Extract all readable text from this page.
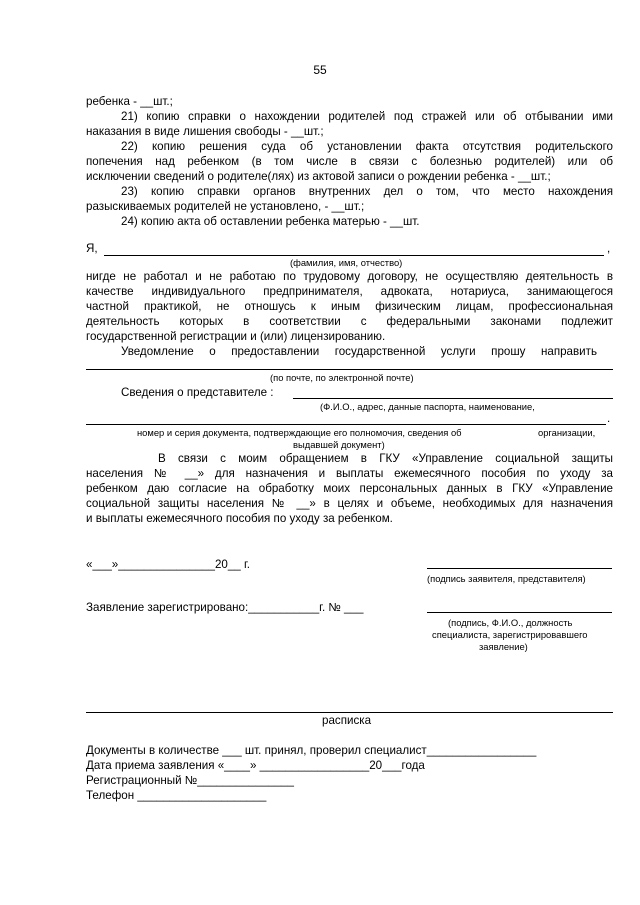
55
ребенка - __шт.;
21) копию справки о нахождении родителей под стражей или об отбывании ими
наказания в виде лишения свободы - __шт.;
22) копию решения суда об установлении факта отсутствия родительского
попечения над ребенком (в том числе в связи с болезнью родителей) или об
исключении сведений о родителе(лях) из актовой записи о рождении ребенка - __шт.;
23) копию справки органов внутренних дел о том, что место нахождения
разыскиваемых родителей не установлено, - __шт.;
24) копию акта об оставлении ребенка матерью - __шт.
Я,	,
(фамилия, имя, отчество)
нигде не работал и не работаю по трудовому договору, не осуществляю деятельность в
качестве индивидуального предпринимателя, адвоката, нотариуса, занимающегося
частной практикой, не отношусь к иным физическим лицам, профессиональная
деятельность которых в соответствии с федеральными законами подлежит
государственной регистрации и (или) лицензированию.
Уведомление о предоставлении государственной услуги прошу направить
(по почте, по электронной почте)
Сведения о представителе :
(Ф.И.О., адрес, данные паспорта, наименование,
.
номер и серия документа, подтверждающие его полномочия, сведения об	организации,
выдавшей документ)
В связи с моим обращением в ГКУ «Управление социальной защиты
населения № __» для назначения и выплаты ежемесячного пособия по уходу за
ребенком даю согласие на обработку моих персональных данных в ГКУ «Управление
социальной защиты населения № __» в целях и объеме, необходимых для назначения
и выплаты ежемесячного пособия по уходу за ребенком.
«___»_______________20__ г.
(подпись заявителя, представителя)
Заявление зарегистрировано:___________г. № ___
(подпись, Ф.И.О., должность
специалиста, зарегистрировавшего
заявление)
расписка
Документы в количестве ___ шт. принял, проверил специалист_________________
Дата приема заявления «____» _________________20___года
Регистрационный №_______________
Телефон ____________________
